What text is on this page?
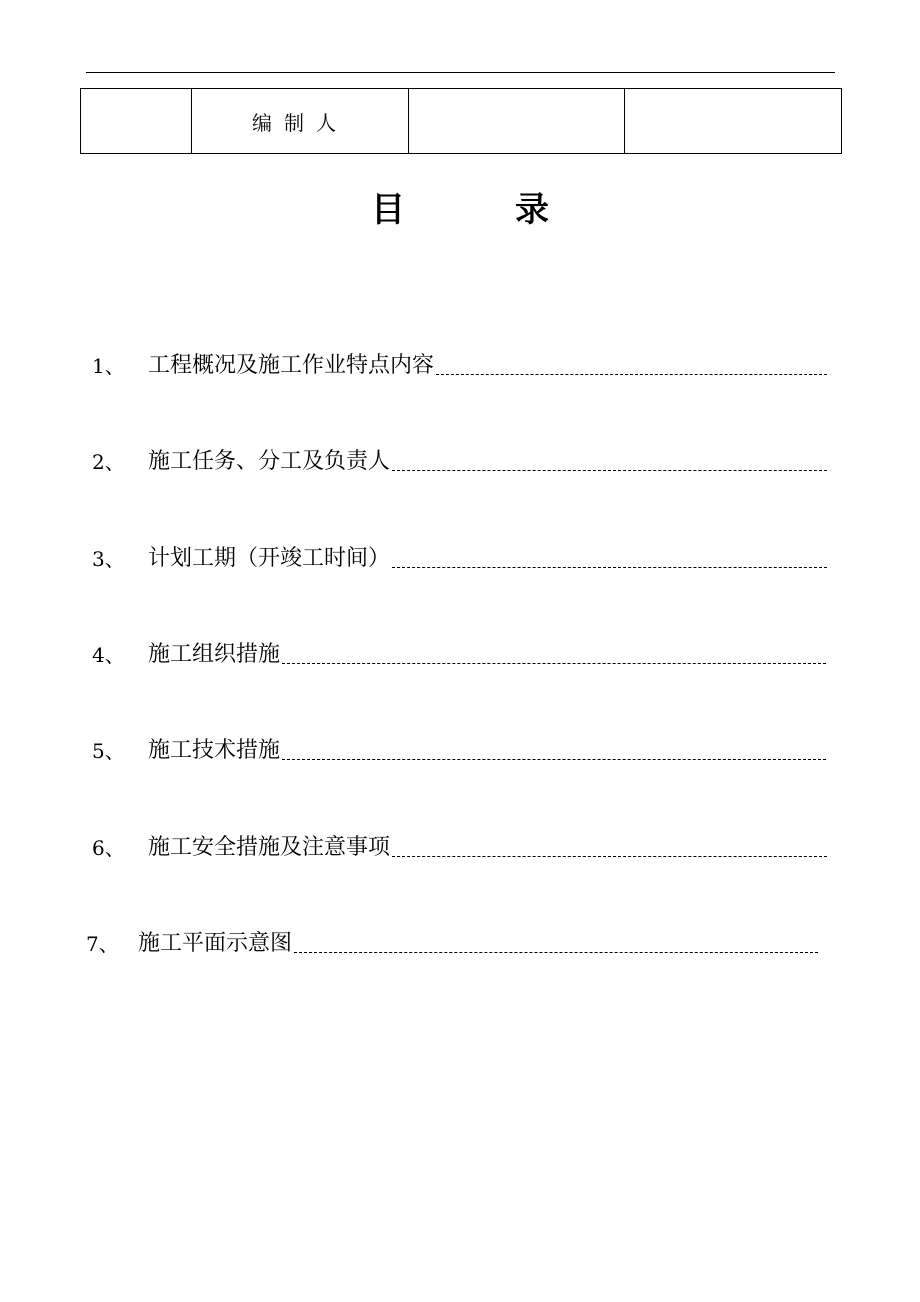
	编制人		
目	录
1、	工程概况及施工作业特点内容
2、	施工任务、分工及负责人
3、	计划工期（开竣工时间）
4、	施工组织措施
5、	施工技术措施
6、	施工安全措施及注意事项
7、 施工平面示意图
